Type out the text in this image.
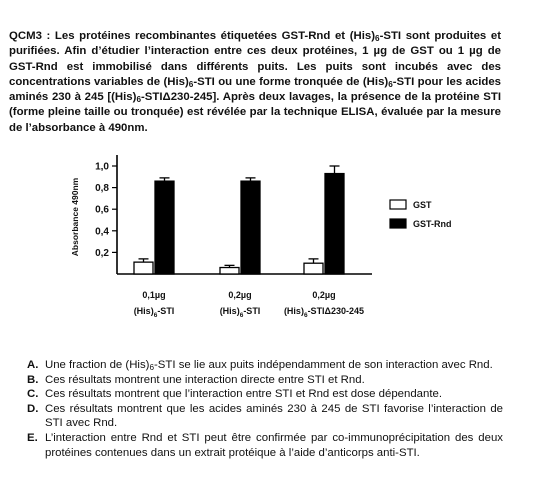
QCM3 : Les protéines recombinantes étiquetées GST-Rnd et $(His)_6$-STI sont produites et purifiées. Afin d’étudier l’interaction entre ces deux protéines, 1 µg de GST ou 1 µg de GST-Rnd est immobilisé dans différents puits. Les puits sont incubés avec des concentrations variables de $(His)_6$-STI ou une forme tronquée de $(His)_6$-STI pour les acides aminés 230 à 245 $[(His)_6-STI\Delta 230-245]$. Après deux lavages, la présence de la protéine STI (forme pleine taille ou tronquée) est révélée par la technique ELISA, évaluée par la mesure de l’absorbance à 490nm.

1,0
0,8
0,6
0,4
0,2
Absorbance 490nm
0,1µg
(His)6-STI
0,2µg
(His)6-STI
0,2µg
(His)6-STIΔ230-245
GST
GST-Rnd
A. Une fraction de $(His)_6$-STI se lie aux puits indépendamment de son interaction avec Rnd.
B. Ces résultats montrent une interaction directe entre STI et Rnd.
C. Ces résultats montrent que l’interaction entre STI et Rnd est dose dépendante.
D. Ces résultats montrent que les acides aminés 230 à 245 de STI favorise l’interaction de STI avec Rnd.
E. L’interaction entre Rnd et STI peut être confirmée par co-immunoprécipitation des deux protéines contenues dans un extrait protéique à l’aide d’anticorps anti-STI.
